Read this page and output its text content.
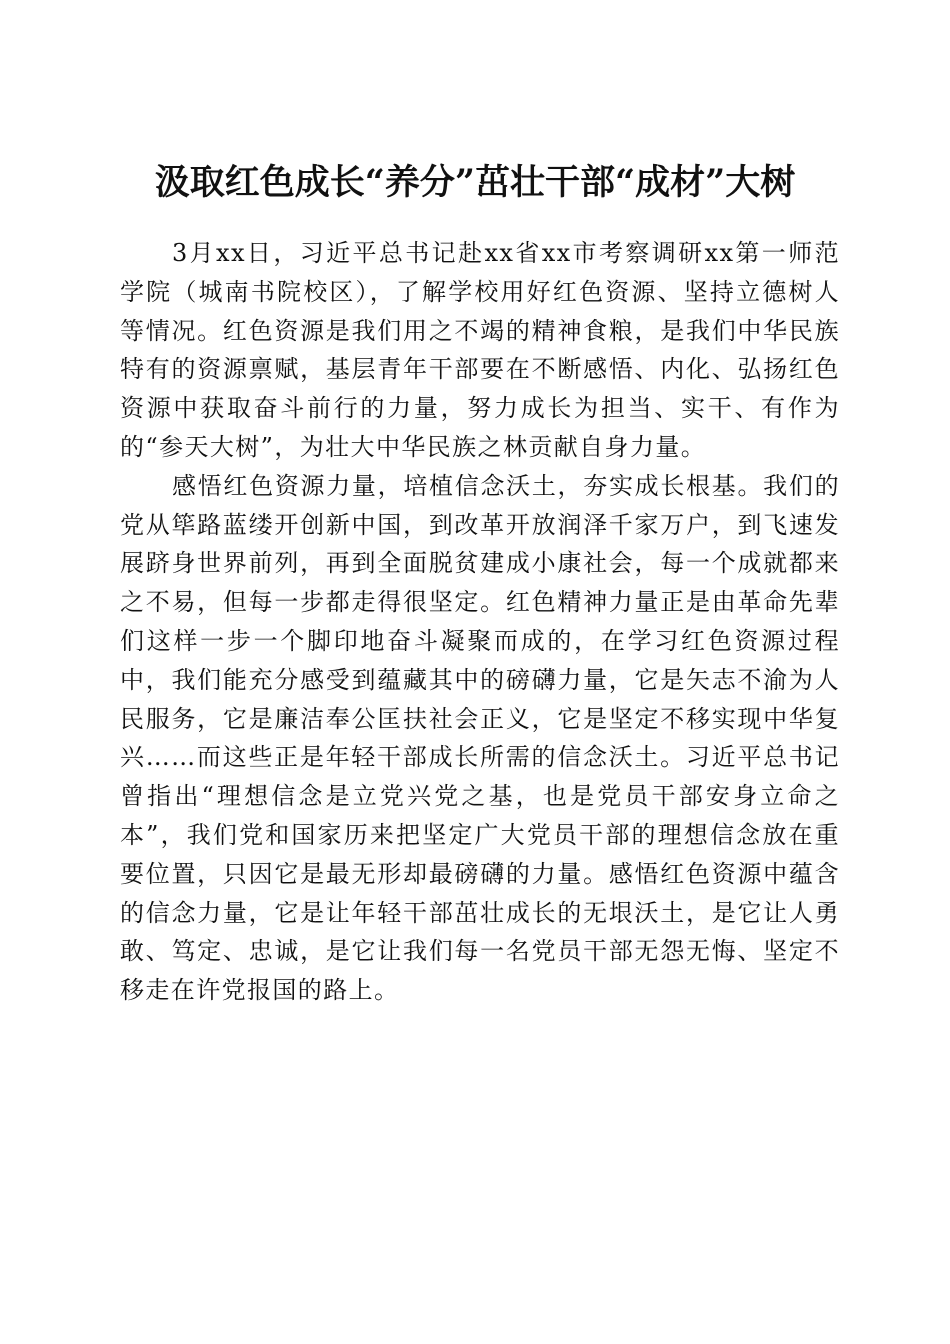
汲取红色成长“养分”茁壮干部“成材”大树

3月xx日，习近平总书记赴xx省xx市考察调研xx第一师范学院（城南书院校区），了解学校用好红色资源、坚持立德树人等情况。红色资源是我们用之不竭的精神食粮，是我们中华民族特有的资源禀赋，基层青年干部要在不断感悟、内化、弘扬红色资源中获取奋斗前行的力量，努力成长为担当、实干、有作为的“参天大树”，为壮大中华民族之林贡献自身力量。

感悟红色资源力量，培植信念沃土，夯实成长根基。我们的党从筚路蓝缕开创新中国，到改革开放润泽千家万户，到飞速发展跻身世界前列，再到全面脱贫建成小康社会，每一个成就都来之不易，但每一步都走得很坚定。红色精神力量正是由革命先辈们这样一步一个脚印地奋斗凝聚而成的，在学习红色资源过程中，我们能充分感受到蕴藏其中的磅礴力量，它是矢志不渝为人民服务，它是廉洁奉公匡扶社会正义，它是坚定不移实现中华复兴……而这些正是年轻干部成长所需的信念沃土。习近平总书记曾指出“理想信念是立党兴党之基，也是党员干部安身立命之本”，我们党和国家历来把坚定广大党员干部的理想信念放在重要位置，只因它是最无形却最磅礴的力量。感悟红色资源中蕴含的信念力量，它是让年轻干部茁壮成长的无垠沃土，是它让人勇敢、笃定、忠诚，是它让我们每一名党员干部无怨无悔、坚定不移走在许党报国的路上。
